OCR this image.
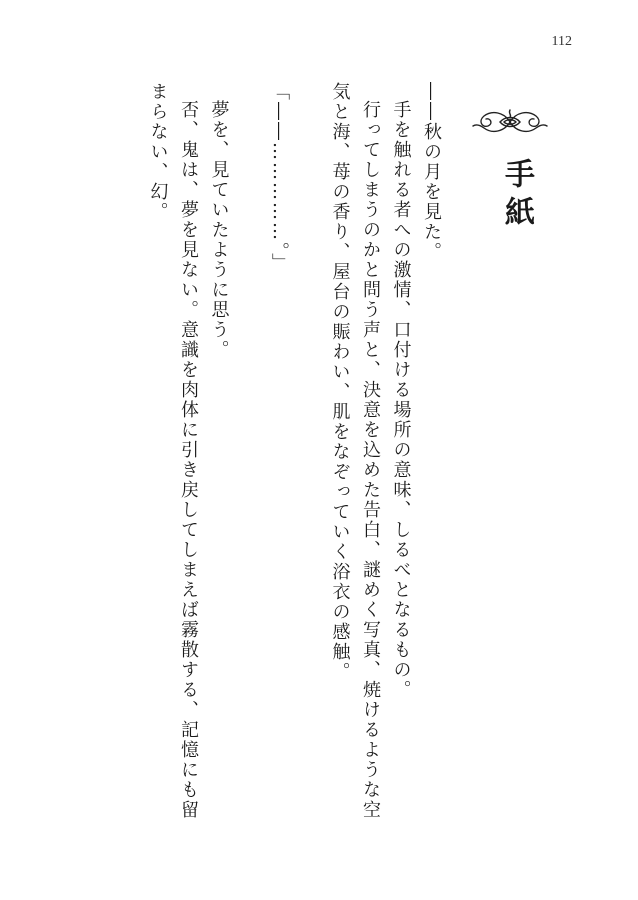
112
手紙

――秋の月を見た。

手を触れる者への激情、口付ける場所の意味、しるべとなるもの。

行ってしまうのかと問う声と、決意を込めた告白、謎めく写真、焼けるような空

気と海、苺の香り、屋台の賑わい、肌をなぞっていく浴衣の感触。

「――……………。」

夢を、見ていたように思う。

否、鬼は、夢を見ない。意識を肉体に引き戻してしまえば霧散する、記憶にも留

まらない、幻。
